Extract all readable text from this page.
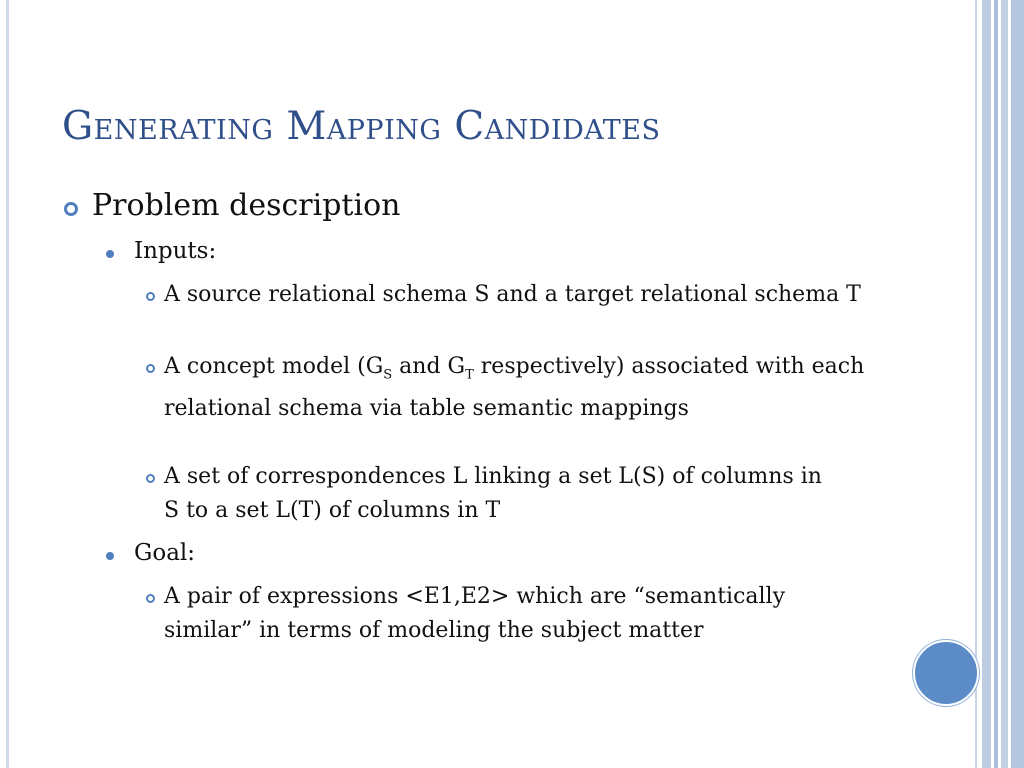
Generating Mapping Candidates
Problem description
Inputs:
A source relational schema S and a target relational schema T
A concept model ($G_S$ and $G_T$ respectively) associated with each relational schema via table semantic mappings
A set of correspondences L linking a set L(S) of columns in S to a set L(T) of columns in T
Goal:
A pair of expressions <E1,E2> which are “semantically similar” in terms of modeling the subject matter
